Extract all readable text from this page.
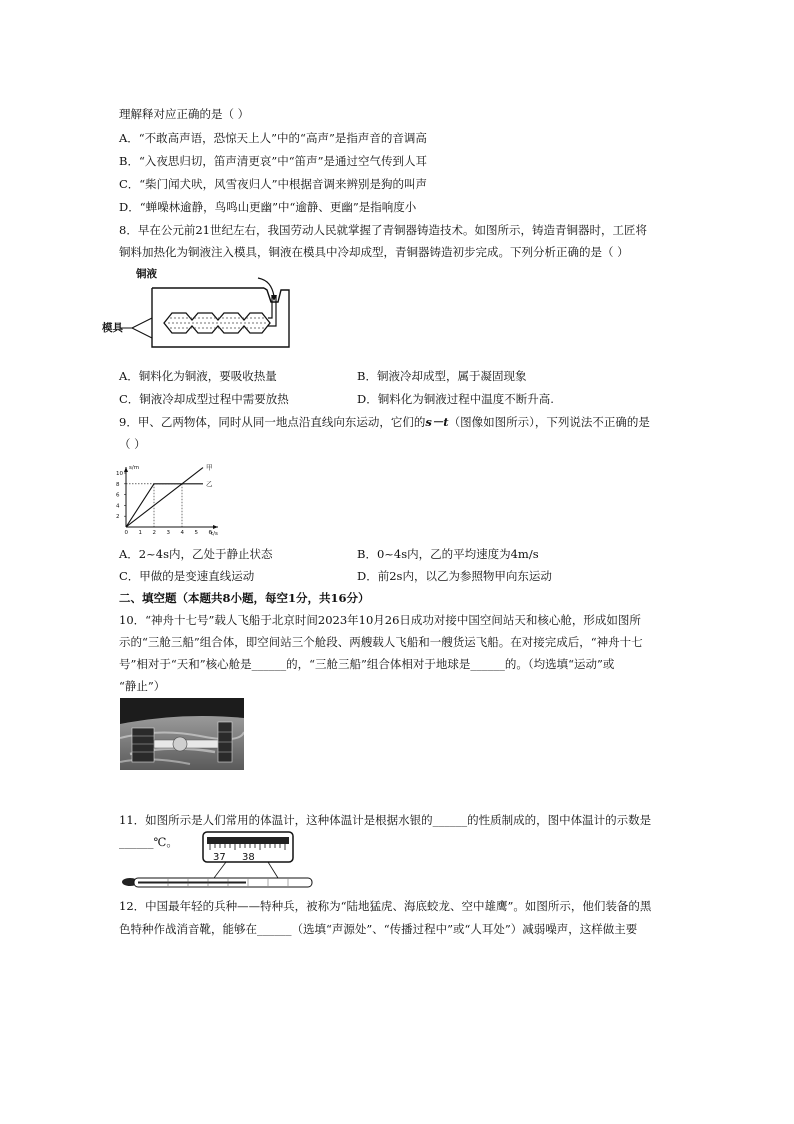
理解释对应正确的是（ ）
A．“不敢高声语，恐惊天上人”中的“高声”是指声音的音调高
B．“入夜思归切，笛声清更哀”中“笛声”是通过空气传到人耳
C．“柴门闻犬吠，风雪夜归人”中根据音调来辨别是狗的叫声
D．“蝉噪林逾静，鸟鸣山更幽”中“逾静、更幽”是指响度小
8．早在公元前21世纪左右，我国劳动人民就掌握了青铜器铸造技术。如图所示，铸造青铜器时，工匠将
铜料加热化为铜液注入模具，铜液在模具中冷却成型，青铜器铸造初步完成。下列分析正确的是（ ）
铜液
模具
A．铜料化为铜液，要吸收热量	B．铜液冷却成型，属于凝固现象
C．铜液冷却成型过程中需要放热	D．铜料化为铜液过程中温度不断升高.
9．甲、乙两物体，同时从同一地点沿直线向东运动，它们的s－t（图像如图所示），下列说法不正确的是
（ ）
s/m
t/s
0 1 2 3 4 5 6
2
4
6
8
10
甲
乙
A．2~4s内，乙处于静止状态	B．0~4s内，乙的平均速度为4m/s
C．甲做的是变速直线运动	D．前2s内，以乙为参照物甲向东运动
二、填空题（本题共8小题，每空1分，共16分）
10．“神舟十七号”载人飞船于北京时间2023年10月26日成功对接中国空间站天和核心舱，形成如图所
示的“三舱三船”组合体，即空间站三个舱段、两艘载人飞船和一艘货运飞船。在对接完成后，“神舟十七
号”相对于“天和”核心舱是______的，“三舱三船”组合体相对于地球是______的。（均选填“运动”或
“静止”）
11．如图所示是人们常用的体温计，这种体温计是根据水银的______的性质制成的，图中体温计的示数是
______℃。
37 38
12．中国最年轻的兵种——特种兵，被称为“陆地猛虎、海底蛟龙、空中雄鹰”。如图所示，他们装备的黑
色特种作战消音靴，能够在______（选填“声源处”、“传播过程中”或“人耳处”）减弱噪声，这样做主要
